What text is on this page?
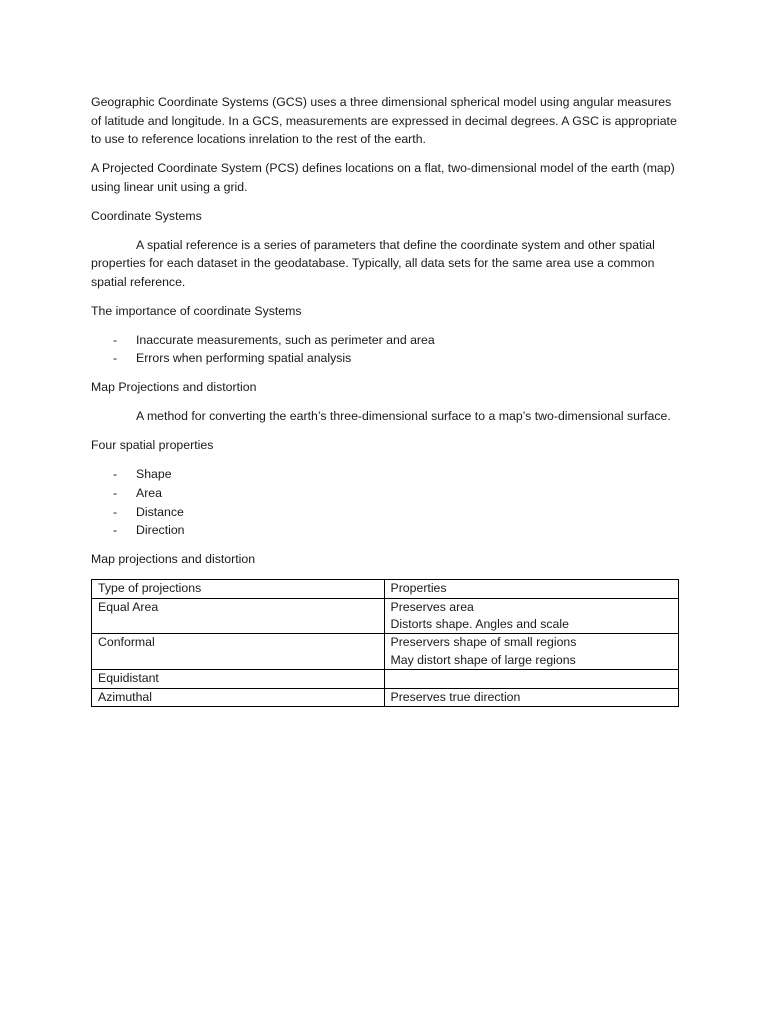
Geographic Coordinate Systems (GCS) uses a three dimensional spherical model using angular measures of latitude and longitude. In a GCS, measurements are expressed in decimal degrees. A GSC is appropriate to use to reference locations inrelation to the rest of the earth.

A Projected Coordinate System (PCS) defines locations on a flat, two-dimensional model of the earth (map) using linear unit using a grid.

Coordinate Systems

A spatial reference is a series of parameters that define the coordinate system and other spatial properties for each dataset in the geodatabase. Typically, all data sets for the same area use a common spatial reference.

The importance of coordinate Systems

- Inaccurate measurements, such as perimeter and area
- Errors when performing spatial analysis

Map Projections and distortion

A method for converting the earth’s three-dimensional surface to a map’s two-dimensional surface.

Four spatial properties

- Shape
- Area
- Distance
- Direction

Map projections and distortion

Type of projections	Properties
Equal Area	Preserves area
Distorts shape. Angles and scale

Conformal	Preservers shape of small regions
May distort shape of large regions

Equidistant	
Azimuthal	Preserves true direction
